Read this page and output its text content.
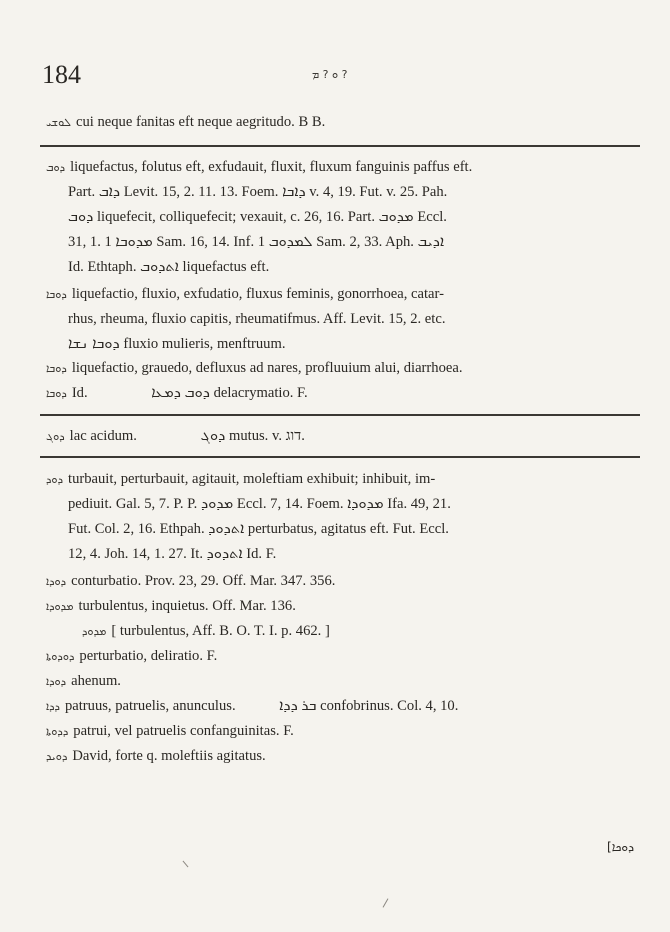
184	ܘ ? ܡ ?
ܠܘܫܝ cui neque fanitas eft neque aegritudo. B B.
ܕܘܒ liquefactus, folutus eft, exfudauit, fluxit, fluxum fanguinis paffus eft.
Part. ܕܐܒ Levit. 15, 2. 11. 13. Foem. ܕܐܒܐ v. 4, 19. Fut. v. 25. Pah.
ܕܘܒ liquefecit, colliquefecit; vexauit, c. 26, 16. Part. ܡܕܘܒ Eccl.
31, 1. ܡܕܘܒܐ 1 Sam. 16, 14. Inf. ܠܡܕܘܒ 1 Sam. 2, 33. Aph. ܐܕܝܒ
Id. Ethtaph. ܐܬܕܘܒ liquefactus eft.
ܕܘܒܐ liquefactio, fluxio, exfudatio, fluxus feminis, gonorrhoea, catar-
rhus, rheuma, fluxio capitis, rheumatifmus. Aff. Levit. 15, 2. etc.
ܕܘܒܐ ܢܫܐ fluxio mulieris, menftruum.
ܕܘܒܐ liquefactio, grauedo, defluxus ad nares, profluuium alui, diarrhoea.
ܕܘܒܐ Id.	ܕܘܒ ܕܡܥܐ delacrymatio. F.
ܕܘܓ lac acidum.	ܕܘܓ mutus. v. דוג.
ܕܘܕ turbauit, perturbauit, agitauit, moleftiam exhibuit; inhibuit, im-
pediuit. Gal. 5, 7. P. P. ܡܕܘܕ Eccl. 7, 14. Foem. ܡܕܘܕܐ Ifa. 49, 21.
Fut. Col. 2, 16. Ethpah. ܐܬܕܘܕ perturbatus, agitatus eft. Fut. Eccl.
12, 4. Joh. 14, 1. 27. It. ܐܬܕܘܕ Id. F.
ܕܘܕܐ conturbatio. Prov. 23, 29. Off. Mar. 347. 356.
ܡܕܘܕܐ turbulentus, inquietus. Off. Mar. 136.
ܡܕܘܕ [ turbulentus, Aff. B. O. T. I. p. 462. ]
ܕܘܕܘܬܐ perturbatio, deliratio. F.
ܕܘܕܐ ahenum.
ܕܕܐ patruus, patruelis, anunculus.	ܒܪ ܕܕܐ confobrinus. Col. 4, 10.
ܕܕܘܬܐ patrui, vel patruelis confanguinitas. F.
ܕܘܝܕ David, forte q. moleftiis agitatus.
[ܕܘܟܐ
